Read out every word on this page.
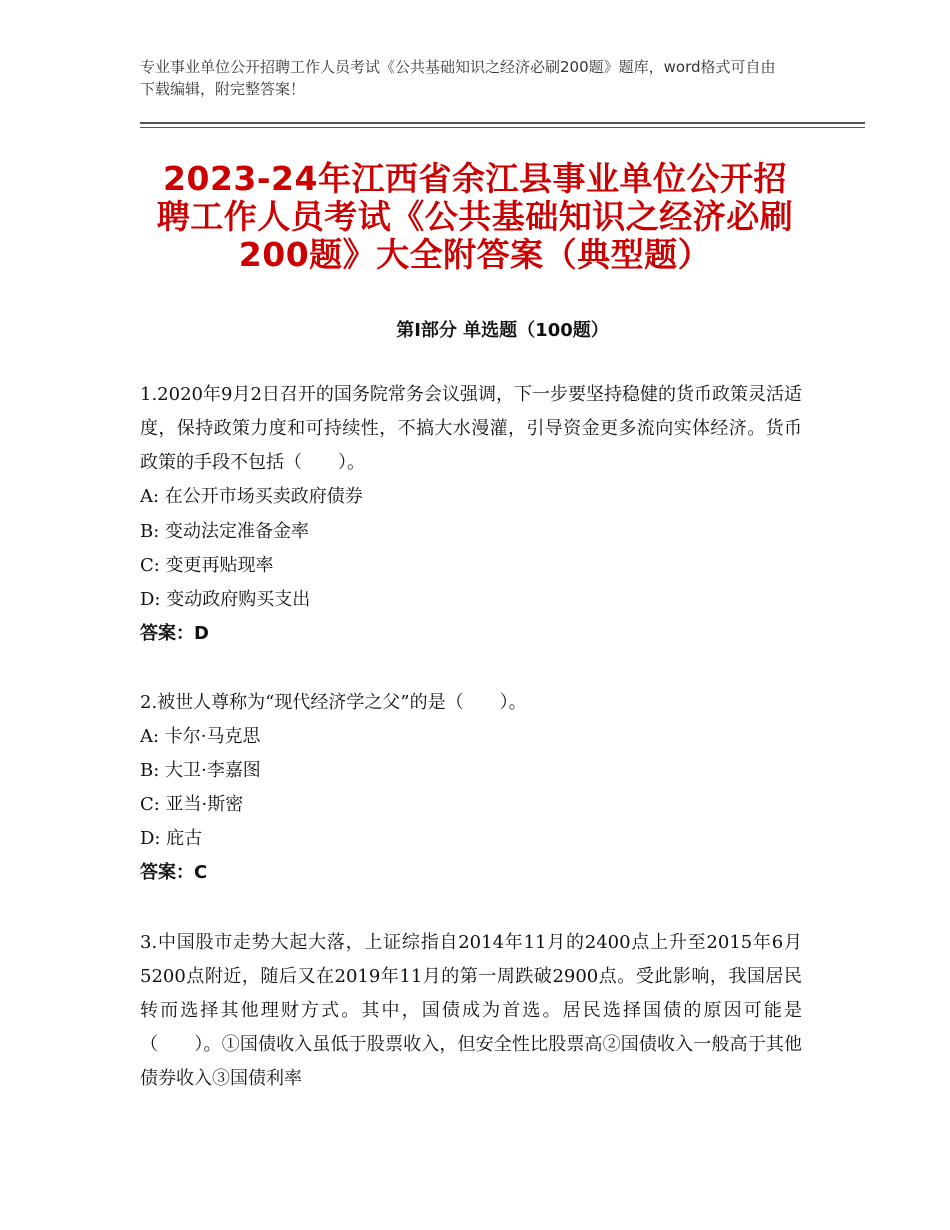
专业事业单位公开招聘工作人员考试《公共基础知识之经济必刷200题》题库，word格式可自由下载编辑，附完整答案！
2023-24年江西省余江县事业单位公开招聘工作人员考试《公共基础知识之经济必刷200题》大全附答案（典型题）
第Ⅰ部分 单选题（100题）
1.2020年9月2日召开的国务院常务会议强调，下一步要坚持稳健的货币政策灵活适度，保持政策力度和可持续性，不搞大水漫灌，引导资金更多流向实体经济。货币政策的手段不包括（　　）。
A: 在公开市场买卖政府债券
B: 变动法定准备金率
C: 变更再贴现率
D: 变动政府购买支出
答案：D
2.被世人尊称为“现代经济学之父”的是（　　）。
A: 卡尔·马克思
B: 大卫·李嘉图
C: 亚当·斯密
D: 庇古
答案：C
3.中国股市走势大起大落，上证综指自2014年11月的2400点上升至2015年6月5200点附近，随后又在2019年11月的第一周跌破2900点。受此影响，我国居民转而选择其他理财方式。其中，国债成为首选。居民选择国债的原因可能是（　　）。①国债收入虽低于股票收入，但安全性比股票高②国债收入一般高于其他债券收入③国债利率
